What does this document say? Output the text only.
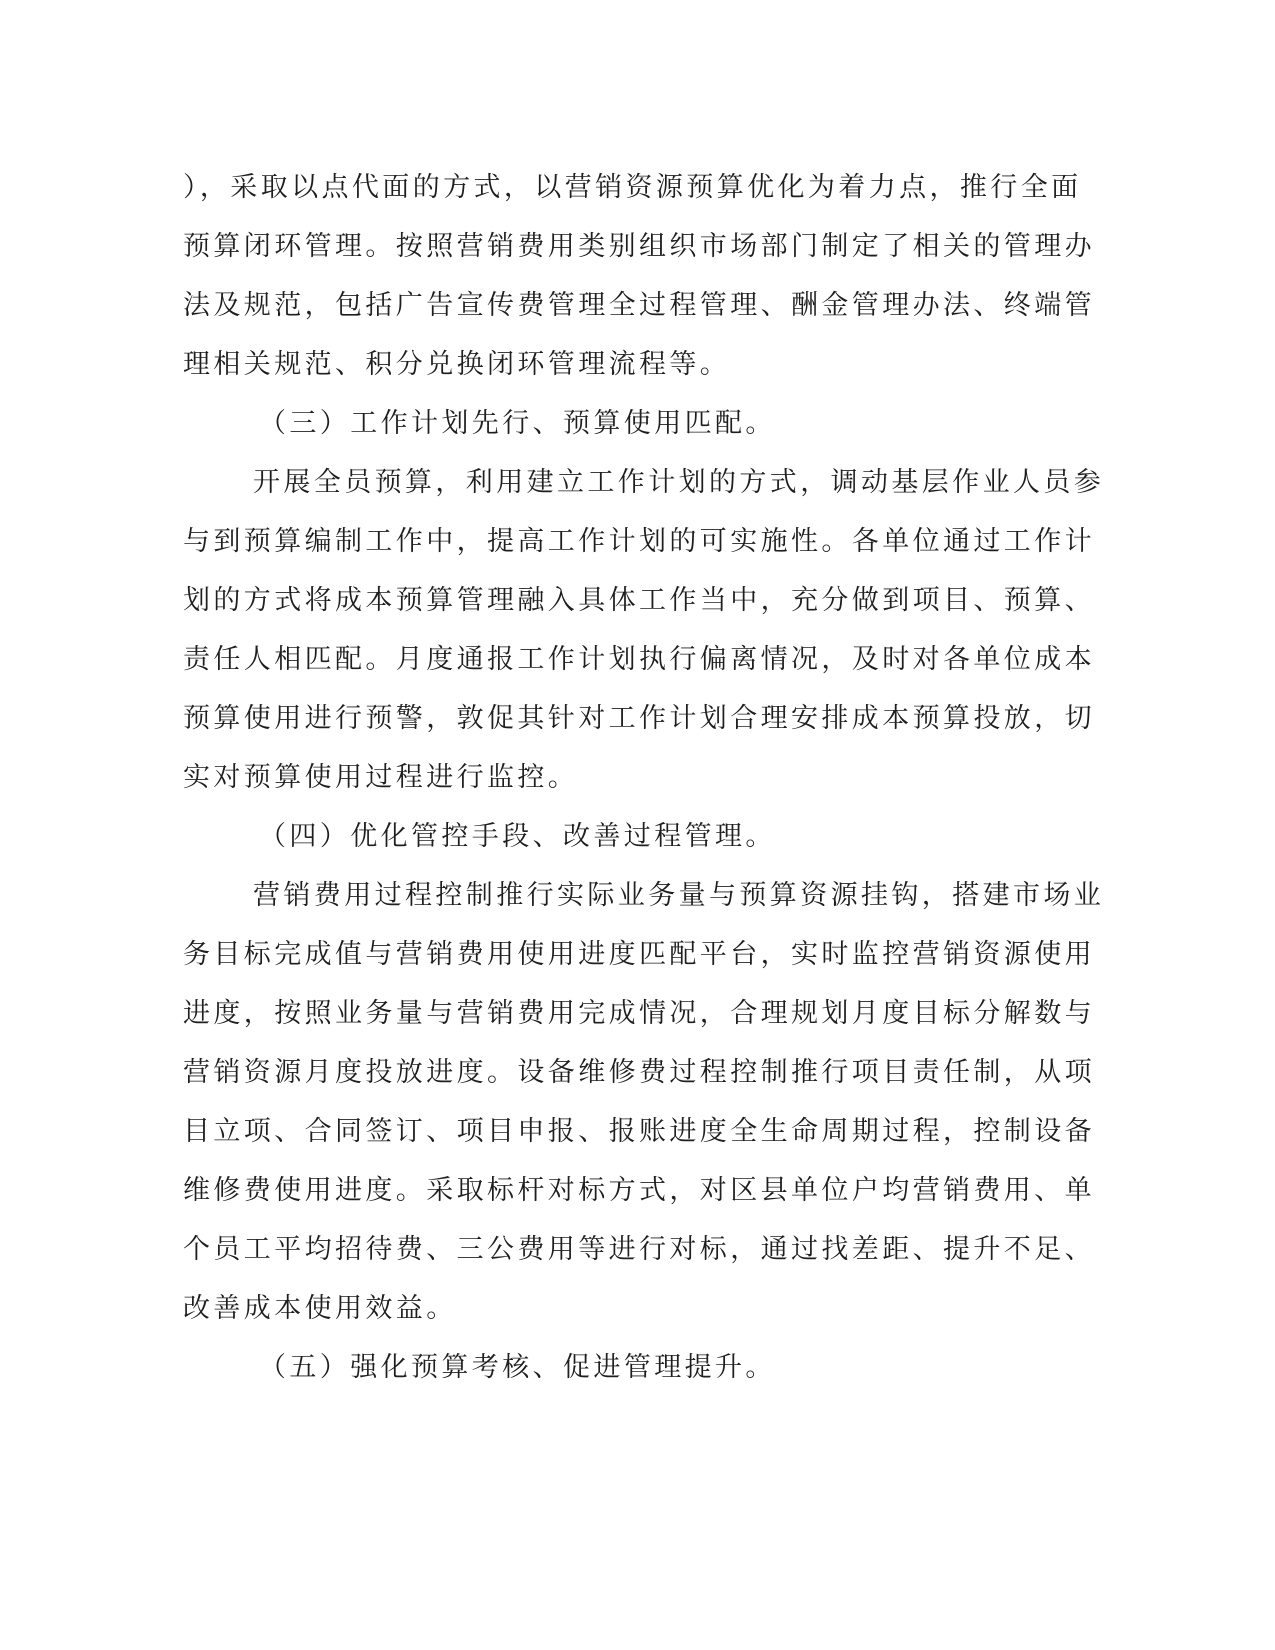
），采取以点代面的方式，以营销资源预算优化为着力点，推行全面
预算闭环管理。按照营销费用类别组织市场部门制定了相关的管理办
法及规范，包括广告宣传费管理全过程管理、酬金管理办法、终端管
理相关规范、积分兑换闭环管理流程等。
（三）工作计划先行、预算使用匹配。
开展全员预算，利用建立工作计划的方式，调动基层作业人员参
与到预算编制工作中，提高工作计划的可实施性。各单位通过工作计
划的方式将成本预算管理融入具体工作当中，充分做到项目、预算、
责任人相匹配。月度通报工作计划执行偏离情况，及时对各单位成本
预算使用进行预警，敦促其针对工作计划合理安排成本预算投放，切
实对预算使用过程进行监控。
（四）优化管控手段、改善过程管理。
营销费用过程控制推行实际业务量与预算资源挂钩，搭建市场业
务目标完成值与营销费用使用进度匹配平台，实时监控营销资源使用
进度，按照业务量与营销费用完成情况，合理规划月度目标分解数与
营销资源月度投放进度。设备维修费过程控制推行项目责任制，从项
目立项、合同签订、项目申报、报账进度全生命周期过程，控制设备
维修费使用进度。采取标杆对标方式，对区县单位户均营销费用、单
个员工平均招待费、三公费用等进行对标，通过找差距、提升不足、
改善成本使用效益。
（五）强化预算考核、促进管理提升。
